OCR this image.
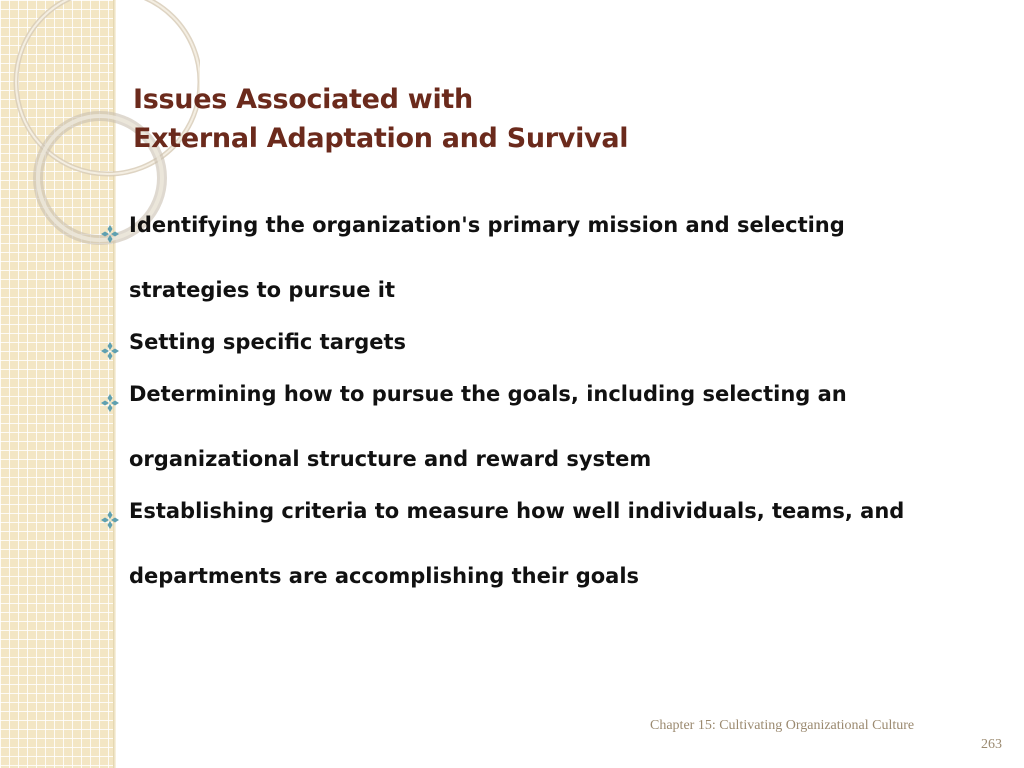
Issues Associated with
External Adaptation and Survival
Identifying the organization's primary mission and selecting strategies to pursue it
Setting specific targets
Determining how to pursue the goals, including selecting an organizational structure and reward system
Establishing criteria to measure how well individuals, teams, and departments are accomplishing their goals
Chapter 15: Cultivating Organizational Culture
263
